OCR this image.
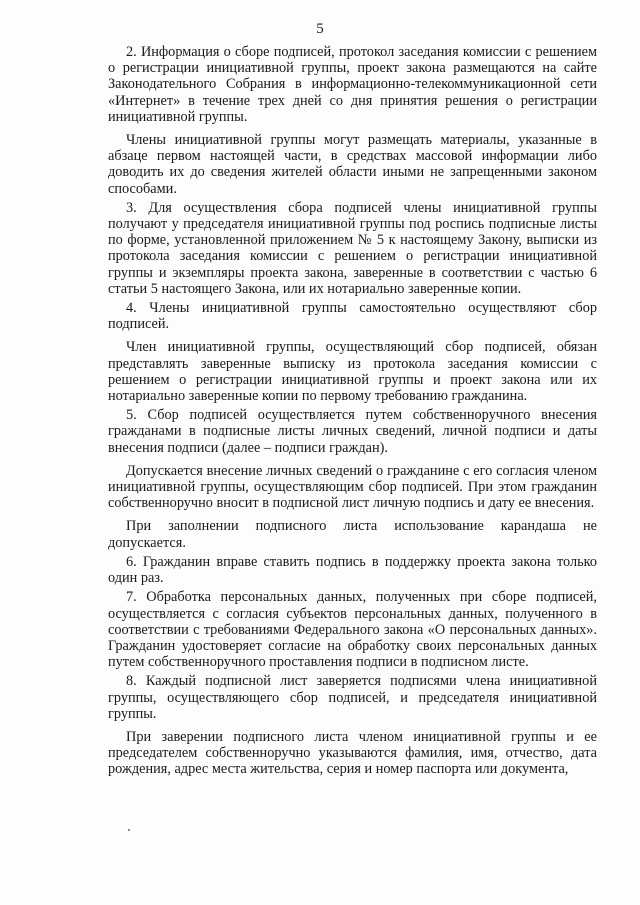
5

2. Информация о сборе подписей, протокол заседания комиссии с решением о регистрации инициативной группы, проект закона размещаются на сайте Законодательного Собрания в информационно-телекоммуникационной сети «Интернет» в течение трех дней со дня принятия решения о регистрации инициативной группы.

Члены инициативной группы могут размещать материалы, указанные в абзаце первом настоящей части, в средствах массовой информации либо доводить их до сведения жителей области иными не запрещенными законом способами.

3. Для осуществления сбора подписей члены инициативной группы получают у председателя инициативной группы под роспись подписные листы по форме, установленной приложением № 5 к настоящему Закону, выписки из протокола заседания комиссии с решением о регистрации инициативной группы и экземпляры проекта закона, заверенные в соответствии с частью 6 статьи 5 настоящего Закона, или их нотариально заверенные копии.

4. Члены инициативной группы самостоятельно осуществляют сбор подписей.

Член инициативной группы, осуществляющий сбор подписей, обязан представлять заверенные выписку из протокола заседания комиссии с решением о регистрации инициативной группы и проект закона или их нотариально заверенные копии по первому требованию гражданина.

5. Сбор подписей осуществляется путем собственноручного внесения гражданами в подписные листы личных сведений, личной подписи и даты внесения подписи (далее – подписи граждан).

Допускается внесение личных сведений о гражданине с его согласия членом инициативной группы, осуществляющим сбор подписей. При этом гражданин собственноручно вносит в подписной лист личную подпись и дату ее внесения.

При заполнении подписного листа использование карандаша не допускается.

6. Гражданин вправе ставить подпись в поддержку проекта закона только один раз.

7. Обработка персональных данных, полученных при сборе подписей, осуществляется с согласия субъектов персональных данных, полученного в соответствии с требованиями Федерального закона «О персональных данных». Гражданин удостоверяет согласие на обработку своих персональных данных путем собственноручного проставления подписи в подписном листе.

8. Каждый подписной лист заверяется подписями члена инициативной группы, осуществляющего сбор подписей, и председателя инициативной группы.

При заверении подписного листа членом инициативной группы и ее председателем собственноручно указываются фамилия, имя, отчество, дата рождения, адрес места жительства, серия и номер паспорта или документа,
